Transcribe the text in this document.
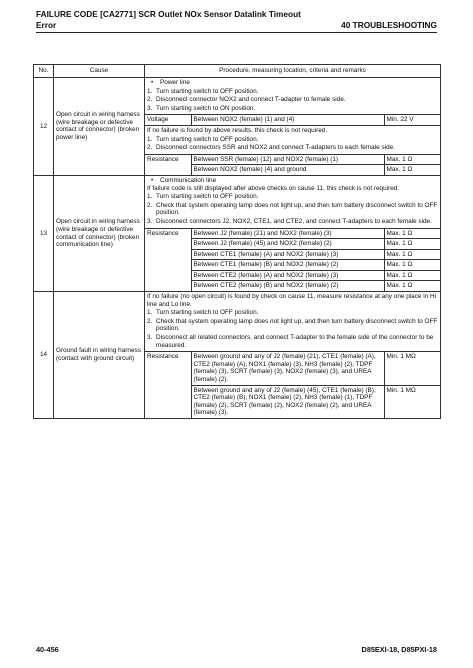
FAILURE CODE [CA2771] SCR Outlet NOx Sensor Datalink Timeout
Error	40 TROUBLESHOOTING
No.	Cause	Procedure, measuring location, criteria and remarks
12	Open circuit in wiring harness (wire breakage or defective contact of connector) (broken power line)	
• Power line
1. Turn starting switch to OFF position.
2. Disconnect connector NOX2 and connect T-adapter to female side.
3. Turn starting switch to ON position.
Voltage	Between NOX2 (female) (1) and (4)	Min. 22 V
If no failure is found by above results, this check is not required.
1. Turn starting switch to OFF position.
2. Disconnect connectors SSR and NOX2 and connect T-adapters to each female side.
Resistance	Between SSR (female) (12) and NOX2 (female) (1)	Max. 1 Ω
Between NOX2 (female) (4) and ground	Max. 1 Ω

13	Open circuit in wiring harness (wire breakage or defective contact of connector) (broken communication line)	
• Communication line
If failure code is still displayed after above checks on cause 11, this check is not required.
1. Turn starting switch to OFF position.
2. Check that system operating lamp does not light up, and then turn battery disconnect switch to OFF position.
3. Disconnect connectors J2, NOX2, CTE1, and CTE2, and connect T-adapters to each female side.
Resistance	Between J2 (female) (21) and NOX2 (female) (3)	Max. 1 Ω
Between J2 (female) (45) and NOX2 (female) (2)	Max. 1 Ω
Between CTE1 (female) (A) and NOX2 (female) (3)	Max. 1 Ω
Between CTE1 (female) (B) and NOX2 (female) (2)	Max. 1 Ω
Between CTE2 (female) (A) and NOX2 (female) (3)	Max. 1 Ω
Between CTE2 (female) (B) and NOX2 (female) (2)	Max. 1 Ω

14	Ground fault in wiring harness (contact with ground circuit)	
If no failure (no open circuit) is found by check on cause 11, measure resistance at any one place in Hi line and Lo line.
1. Turn starting switch to OFF position.
2. Check that system operating lamp does not light up, and then turn battery disconnect switch to OFF position.
3. Disconnect all related connectors, and connect T-adapter to the female side of the connector to be measured.
Resistance	Between ground and any of J2 (female) (21), CTE1 (female) (A), CTE2 (female) (A), NOX1 (female) (3), NH3 (female) (2), TDPF (female) (3), SCRT (female) (3), NOX2 (female) (3), and UREA (female) (2).	Min. 1 MΩ
Between ground and any of J2 (female) (45), CTE1 (female) (B), CTE2 (female) (B), NOX1 (female) (2), NH3 (female) (1), TDPF (female) (2), SCRT (female) (2), NOX2 (female) (2), and UREA (female) (3).	Min. 1 MΩ
40-456	D85EXI-18, D85PXI-18
